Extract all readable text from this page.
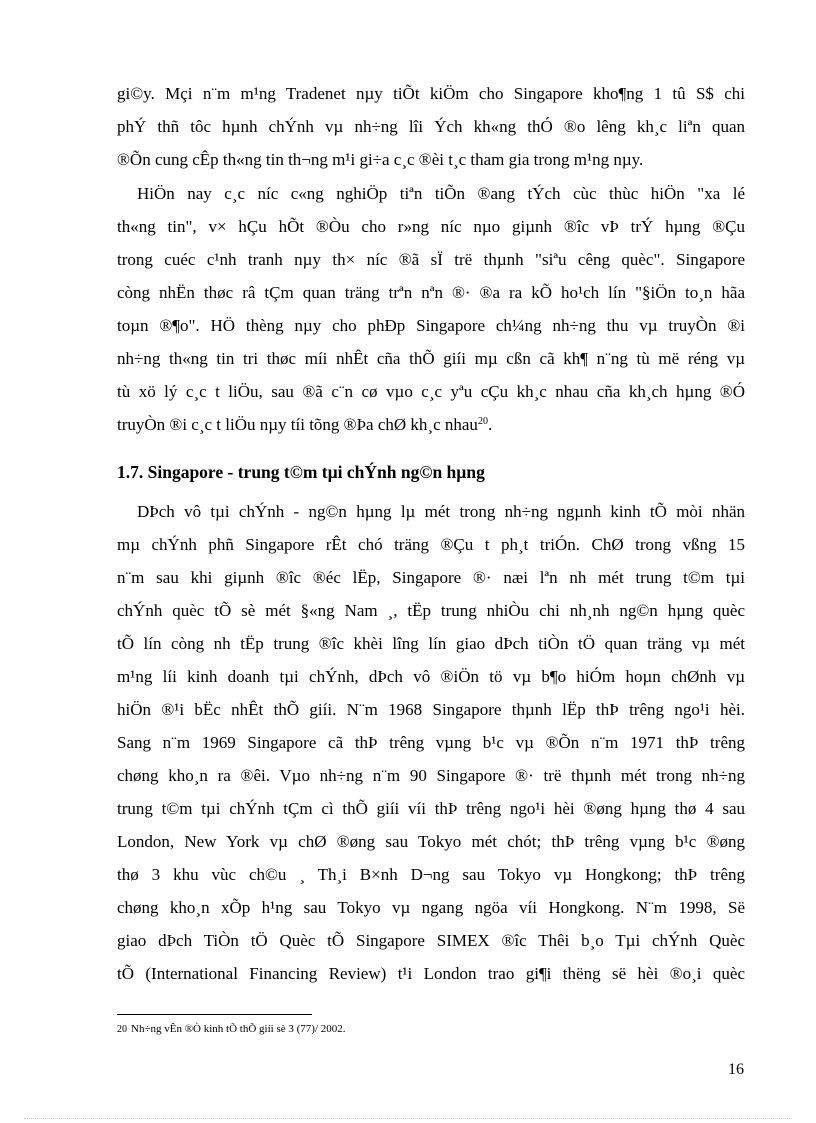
gi©y. Mçi n¨m m¹ng Tradenet nµy tiÕt kiÖm cho Singapore kho¶ng 1 tû S$ chi
phÝ thñ tôc hµnh chÝnh vµ nh÷ng lîi Ých kh«ng thÓ ®o lêng kh¸c liªn quan
®Õn cung cÊp th«ng tin th¬ng m¹i gi÷a c¸c ®èi t¸c tham gia trong m¹ng nµy.
HiÖn nay c¸c níc c«ng nghiÖp tiªn tiÕn ®ang tÝch cùc thùc hiÖn "xa lé
th«ng tin", v× hÇu hÕt ®Òu cho r»ng níc nµo giµnh ®îc vÞ trÝ hµng ®Çu
trong cuéc c¹nh tranh nµy th× níc ®ã sÏ trë thµnh "siªu cêng quèc". Singapore
còng nhËn thøc râ tÇm quan träng trªn nªn ®· ®a ra kÕ ho¹ch lín "§iÖn to¸n hãa
toµn ®¶o". HÖ thèng nµy cho phÐp Singapore ch¼ng nh÷ng thu vµ truyÒn ®i
nh÷ng th«ng tin tri thøc míi nhÊt cña thÕ giíi mµ cßn cã kh¶ n¨ng tù më réng vµ
tù xö lý c¸c t liÖu, sau ®ã c¨n cø vµo c¸c yªu cÇu kh¸c nhau cña kh¸ch hµng ®Ó
truyÒn ®i c¸c t liÖu nµy tíi tõng ®Þa chØ kh¸c nhau$^{20}$.
1.7. Singapore - trung t©m tµi chÝnh ng©n hµng
DÞch vô tµi chÝnh - ng©n hµng lµ mét trong nh÷ng ngµnh kinh tÕ mòi nhän
mµ chÝnh phñ Singapore rÊt chó träng ®Çu t ph¸t triÓn. ChØ trong vßng 15
n¨m sau khi giµnh ®îc ®éc lËp, Singapore ®· næi lªn nh mét trung t©m tµi
chÝnh quèc tÕ sè mét §«ng Nam ¸, tËp trung nhiÒu chi nh¸nh ng©n hµng quèc
tÕ lín còng nh tËp trung ®îc khèi lîng lín giao dÞch tiÒn tÖ quan träng vµ mét
m¹ng líi kinh doanh tµi chÝnh, dÞch vô ®iÖn tö vµ b¶o hiÓm hoµn chØnh vµ
hiÖn ®¹i bËc nhÊt thÕ giíi. N¨m 1968 Singapore thµnh lËp thÞ trêng ngo¹i hèi.
Sang n¨m 1969 Singapore cã thÞ trêng vµng b¹c vµ ®Õn n¨m 1971 thÞ trêng
chøng kho¸n ra ®êi. Vµo nh÷ng n¨m 90 Singapore ®· trë thµnh mét trong nh÷ng
trung t©m tµi chÝnh tÇm cì thÕ giíi víi thÞ trêng ngo¹i hèi ®øng hµng thø 4 sau
London, New York vµ chØ ®øng sau Tokyo mét chót; thÞ trêng vµng b¹c ®øng
thø 3 khu vùc ch©u ¸ Th¸i B×nh D¬ng sau Tokyo vµ Hongkong; thÞ trêng
chøng kho¸n xÕp h¹ng sau Tokyo vµ ngang ngöa víi Hongkong. N¨m 1998, Së
giao dÞch TiÒn tÖ Quèc tÕ Singapore SIMEX ®îc Thêi b¸o Tµi chÝnh Quèc
tÕ (International Financing Review) t¹i London trao gi¶i thëng së hèi ®o¸i quèc
20 Nh÷ng vÊn ®Ò kinh tÕ thÕ giíi sè 3 (77)/ 2002.
16
